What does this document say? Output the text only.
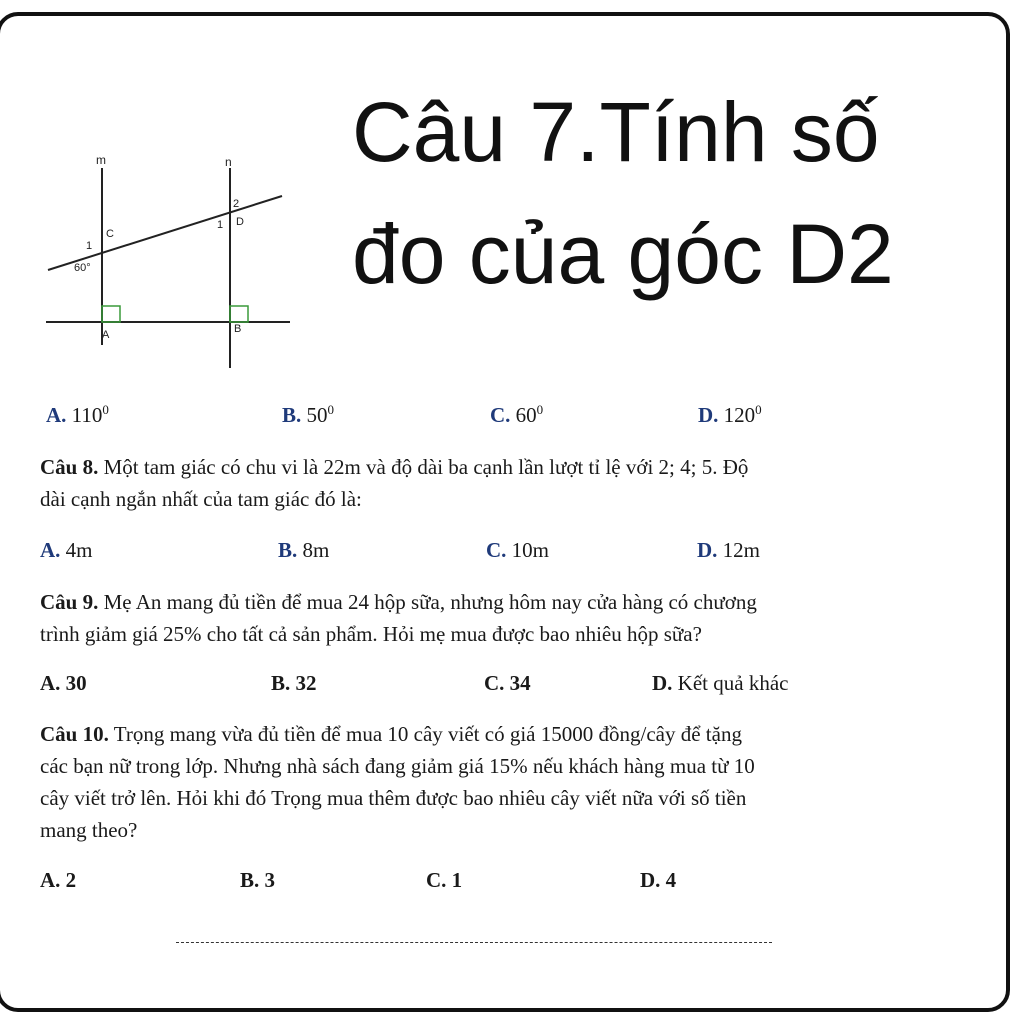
Câu 7.Tính số
đo của góc D2
m	n
C
D
A	B
1
1
2
60°
A. $110^0$	B. $50^0$	C. $60^0$	D. $120^0$
Câu 8. Một tam giác có chu vi là 22m và độ dài ba cạnh lần lượt tỉ lệ với 2; 4; 5. Độ
dài cạnh ngắn nhất của tam giác đó là:
A. 4m	B. 8m	C. 10m	D. 12m
Câu 9. Mẹ An mang đủ tiền để mua 24 hộp sữa, nhưng hôm nay cửa hàng có chương
trình giảm giá 25% cho tất cả sản phẩm. Hỏi mẹ mua được bao nhiêu hộp sữa?
A. 30	B. 32	C. 34	D. Kết quả khác
Câu 10. Trọng mang vừa đủ tiền để mua 10 cây viết có giá 15000 đồng/cây để tặng
các bạn nữ trong lớp. Nhưng nhà sách đang giảm giá 15% nếu khách hàng mua từ 10
cây viết trở lên. Hỏi khi đó Trọng mua thêm được bao nhiêu cây viết nữa với số tiền
mang theo?
A. 2	B. 3	C. 1	D. 4
